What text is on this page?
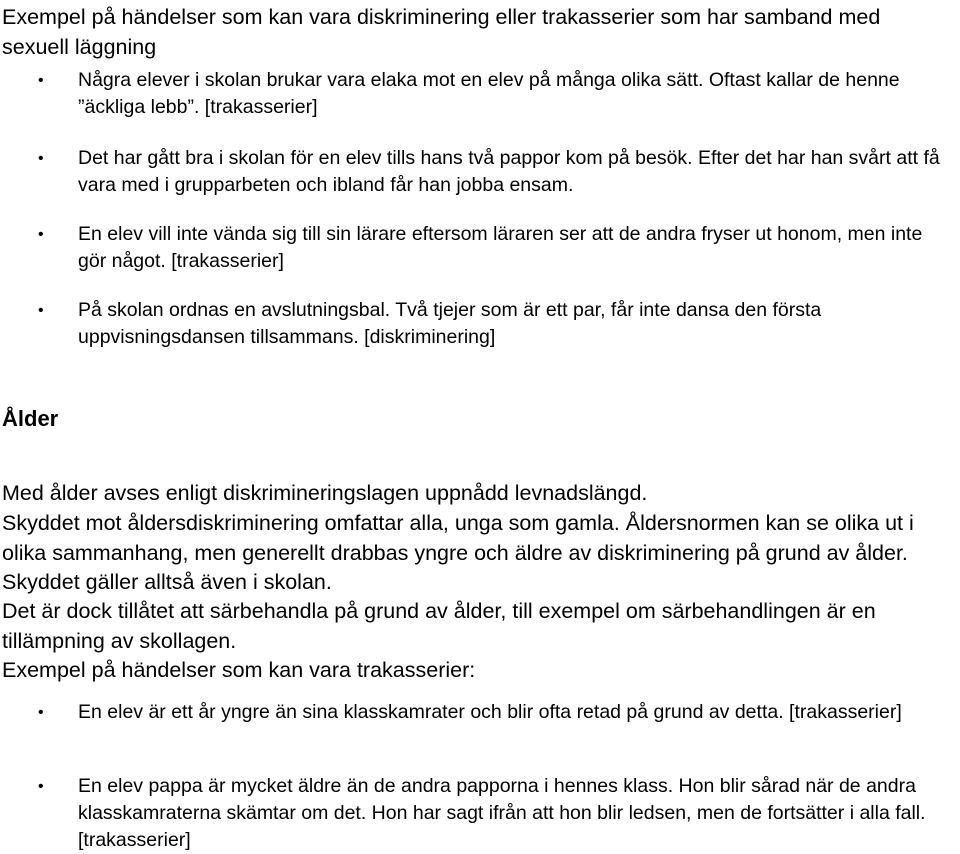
Exempel på händelser som kan vara diskriminering eller trakasserier som har samband med sexuell läggning

•	Några elever i skolan brukar vara elaka mot en elev på många olika sätt. Oftast kallar de henne ”äckliga lebb”. [trakasserier]
•	Det har gått bra i skolan för en elev tills hans två pappor kom på besök. Efter det har han svårt att få vara med i grupparbeten och ibland får han jobba ensam.
•	En elev vill inte vända sig till sin lärare eftersom läraren ser att de andra fryser ut honom, men inte gör något. [trakasserier]
•	På skolan ordnas en avslutningsbal. Två tjejer som är ett par, får inte dansa den första uppvisningsdansen tillsammans. [diskriminering]
Ålder

Med ålder avses enligt diskrimineringslagen uppnådd levnadslängd.

Skyddet mot åldersdiskriminering omfattar alla, unga som gamla. Åldersnormen kan se olika ut i olika sammanhang, men generellt drabbas yngre och äldre av diskriminering på grund av ålder. Skyddet gäller alltså även i skolan.

Det är dock tillåtet att särbehandla på grund av ålder, till exempel om särbehandlingen är en tillämpning av skollagen.

Exempel på händelser som kan vara trakasserier:

•	En elev är ett år yngre än sina klasskamrater och blir ofta retad på grund av detta. [trakasserier]
•	En elev pappa är mycket äldre än de andra papporna i hennes klass. Hon blir sårad när de andra klasskamraterna skämtar om det. Hon har sagt ifrån att hon blir ledsen, men de fortsätter i alla fall. [trakasserier]
